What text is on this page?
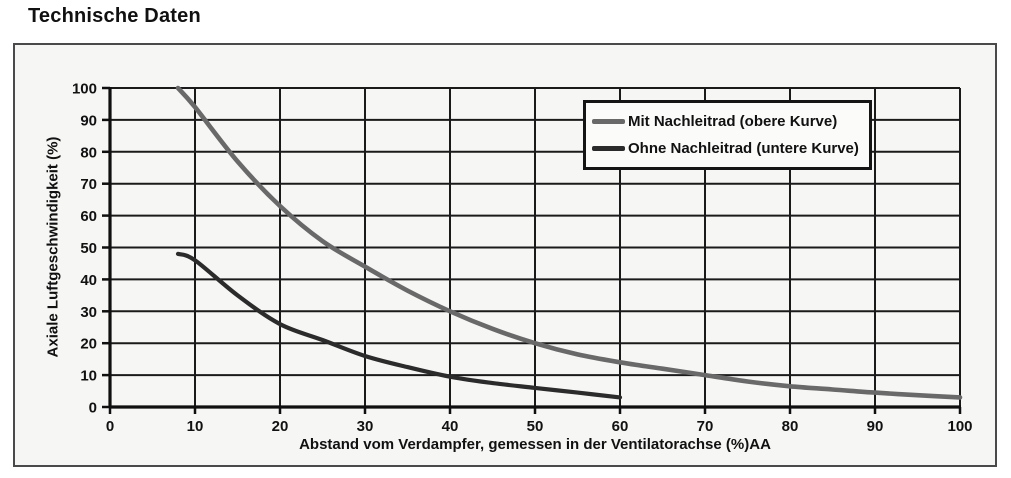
Technische Daten
0	10	20	30	40	50	60	70	80	90	100
0
10
20
30
40
50
60
70
80
90
100
Axiale Luftgeschwindigkeit (%)
Abstand vom Verdampfer, gemessen in der Ventilatorachse (%)AA
Mit Nachleitrad (obere Kurve)
Ohne Nachleitrad (untere Kurve)
